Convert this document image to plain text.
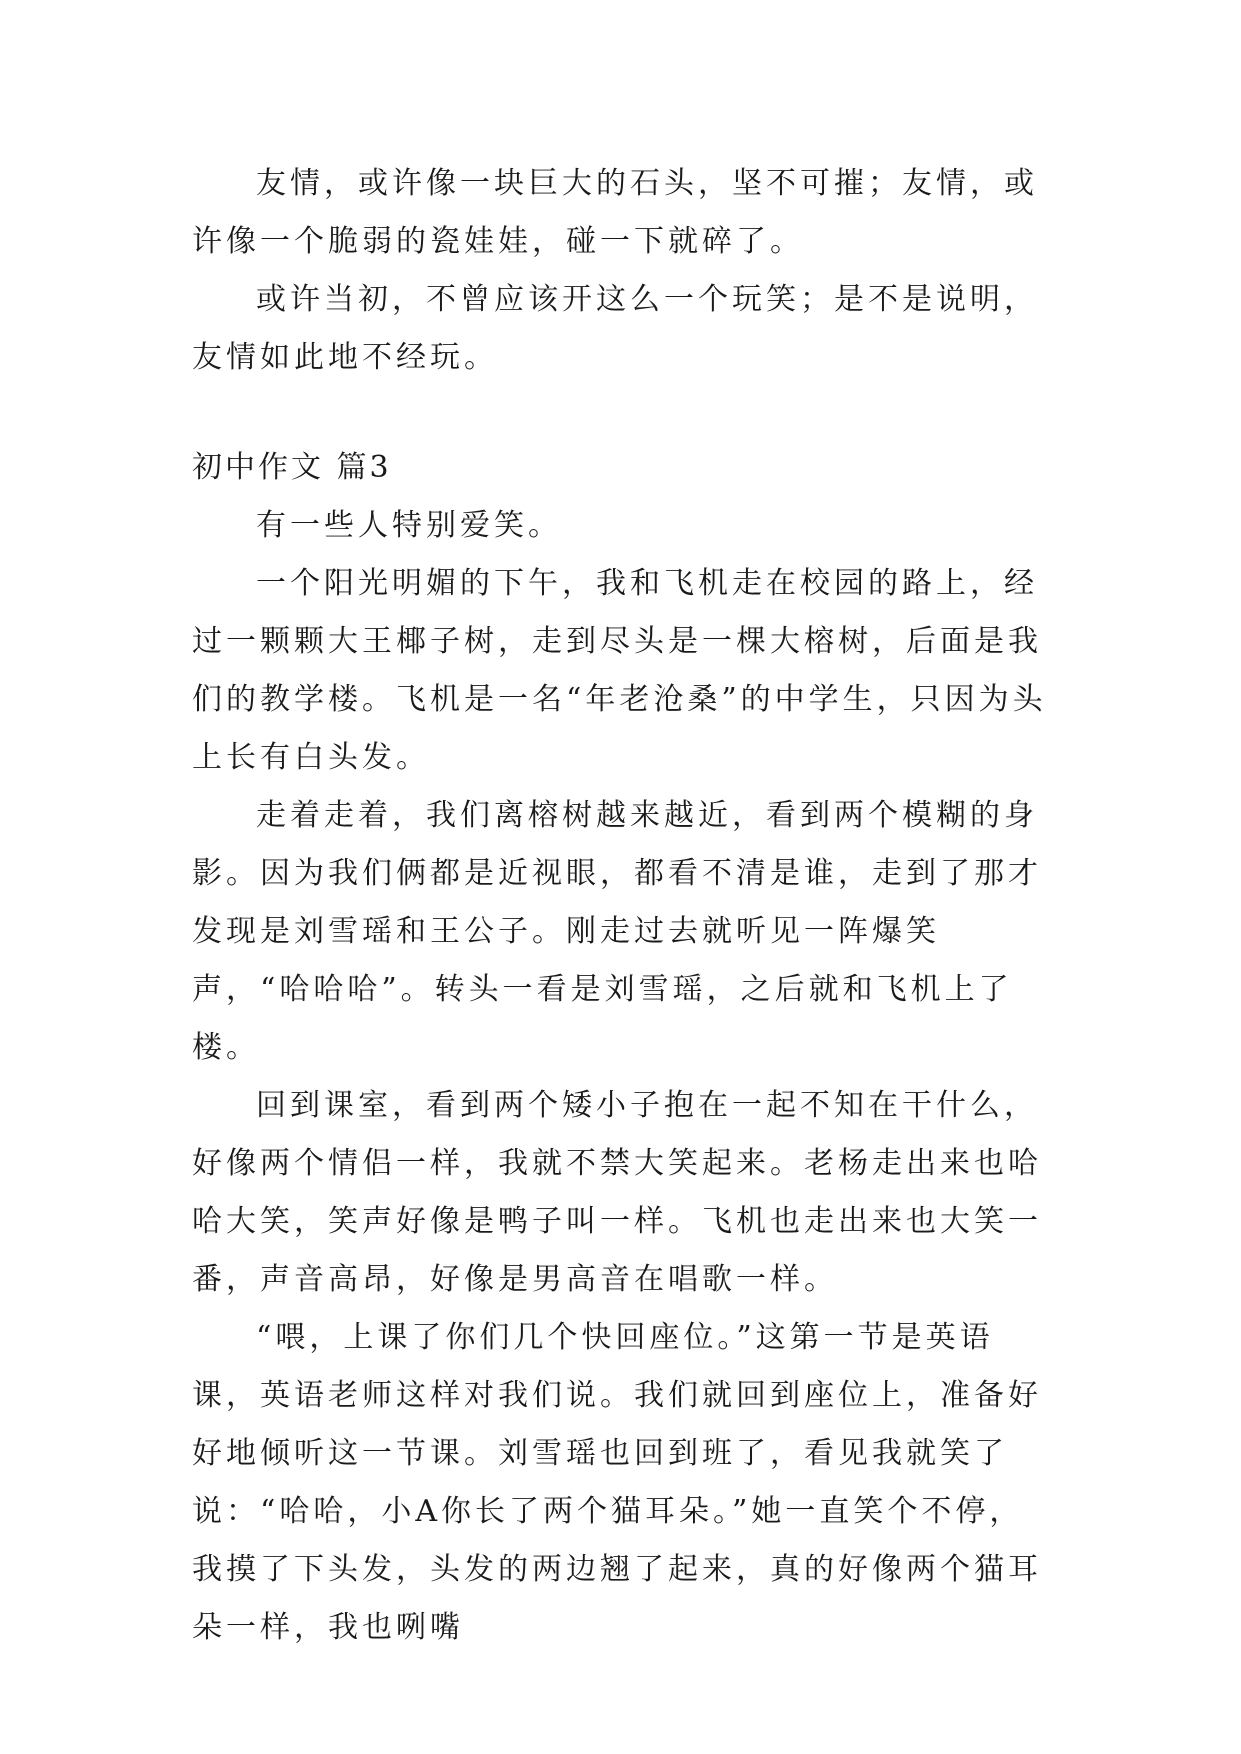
友情，或许像一块巨大的石头，坚不可摧；友情，或许像一个脆弱的瓷娃娃，碰一下就碎了。

或许当初，不曾应该开这么一个玩笑；是不是说明，友情如此地不经玩。

初中作文 篇3

有一些人特别爱笑。

一个阳光明媚的下午，我和飞机走在校园的路上，经过一颗颗大王椰子树，走到尽头是一棵大榕树，后面是我们的教学楼。飞机是一名“年老沧桑”的中学生，只因为头上长有白头发。

走着走着，我们离榕树越来越近，看到两个模糊的身影。因为我们俩都是近视眼，都看不清是谁，走到了那才发现是刘雪瑶和王公子。刚走过去就听见一阵爆笑声，“哈哈哈”。转头一看是刘雪瑶，之后就和飞机上了楼。

回到课室，看到两个矮小子抱在一起不知在干什么，好像两个情侣一样，我就不禁大笑起来。老杨走出来也哈哈大笑，笑声好像是鸭子叫一样。飞机也走出来也大笑一番，声音高昂，好像是男高音在唱歌一样。

“喂，上课了你们几个快回座位。”这第一节是英语课，英语老师这样对我们说。我们就回到座位上，准备好好地倾听这一节课。刘雪瑶也回到班了，看见我就笑了说：“哈哈，小A你长了两个猫耳朵。”她一直笑个不停，我摸了下头发，头发的两边翘了起来，真的好像两个猫耳朵一样，我也咧嘴
